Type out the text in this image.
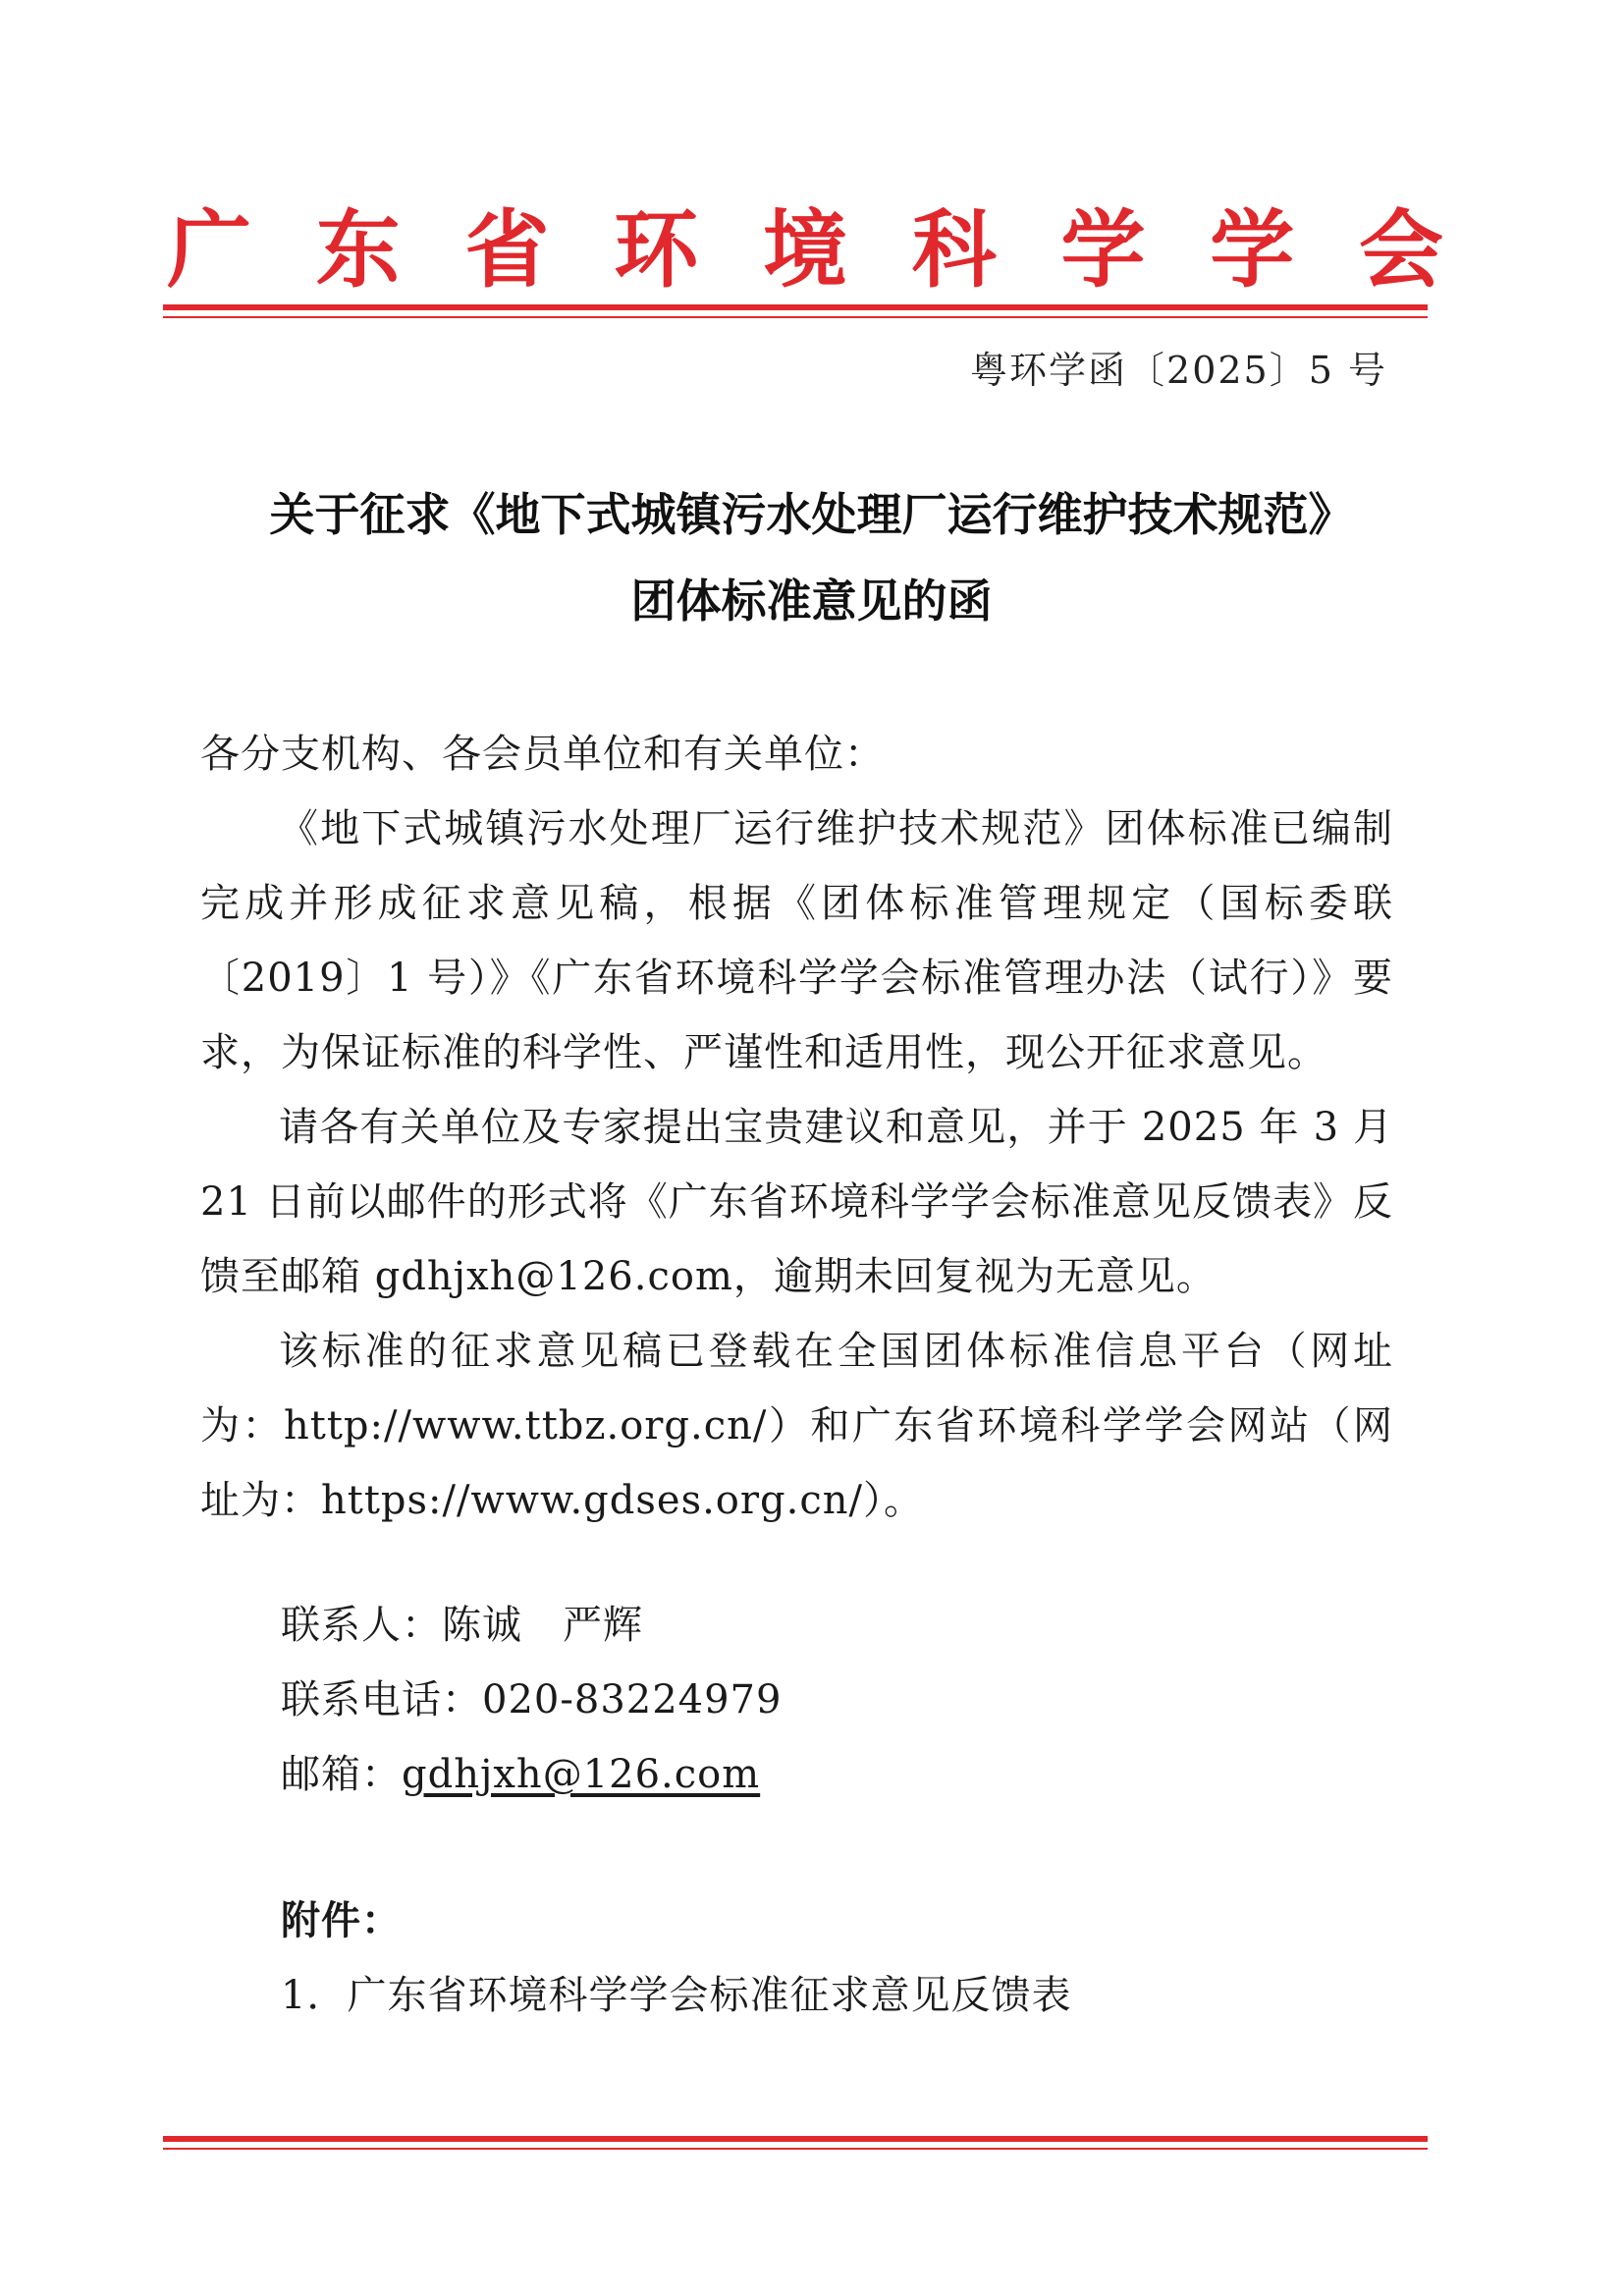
广 东 省 环 境 科 学 学 会
粤环学函〔2025〕5 号
关于征求《地下式城镇污水处理厂运行维护技术规范》
团体标准意见的函

各分支机构、各会员单位和有关单位：

《地下式城镇污水处理厂运行维护技术规范》团体标准已编制完成并形成征求意见稿，根据《团体标准管理规定（国标委联〔2019〕1 号）》《广东省环境科学学会标准管理办法（试行）》要求，为保证标准的科学性、严谨性和适用性，现公开征求意见。

请各有关单位及专家提出宝贵建议和意见，并于 2025 年 3 月 21 日前以邮件的形式将《广东省环境科学学会标准意见反馈表》反馈至邮箱 gdhjxh@126.com，逾期未回复视为无意见。

该标准的征求意见稿已登载在全国团体标准信息平台（网址为：http://www.ttbz.org.cn/）和广东省环境科学学会网站（网址为：https://www.gdses.org.cn/）。

联系人：陈诚　严辉

联系电话：020-83224979

邮箱：gdhjxh@126.com

附件：

1．广东省环境科学学会标准征求意见反馈表
